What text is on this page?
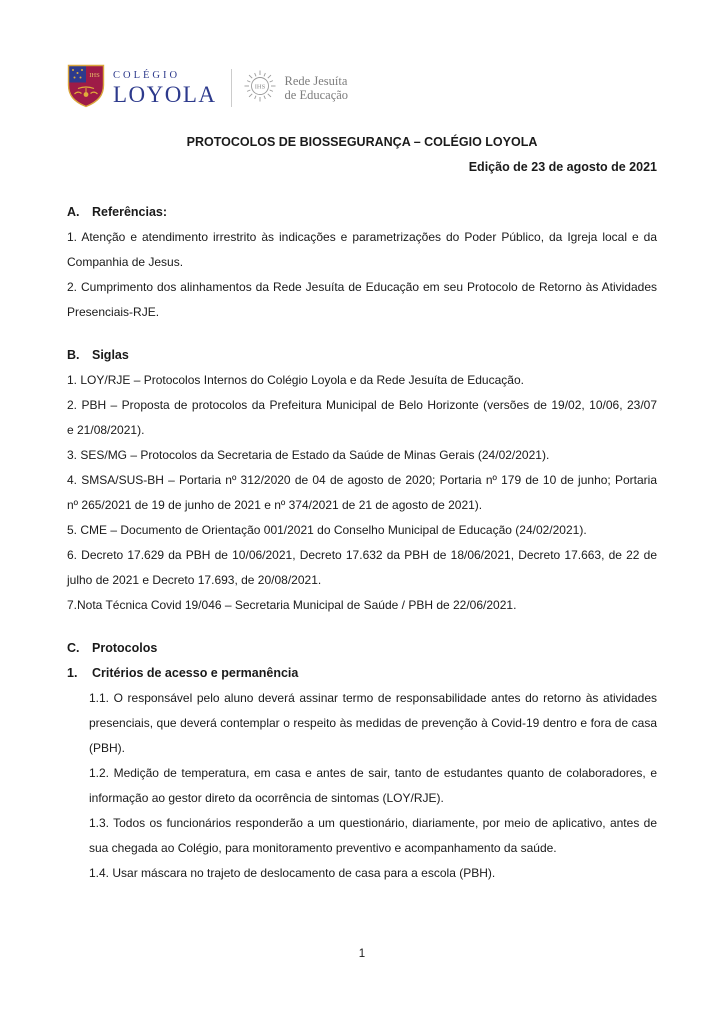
IHS COLÉGIO
LOYOLA	IHS Rede Jesuíta
de Educação
PROTOCOLOS DE BIOSSEGURANÇA – COLÉGIO LOYOLA
Edição de 23 de agosto de 2021
A.	Referências:
1. Atenção e atendimento irrestrito às indicações e parametrizações do Poder Público, da Igreja local e da
Companhia de Jesus.
2. Cumprimento dos alinhamentos da Rede Jesuíta de Educação em seu Protocolo de Retorno às Atividades
Presenciais-RJE.
B.	Siglas
1. LOY/RJE – Protocolos Internos do Colégio Loyola e da Rede Jesuíta de Educação.
2. PBH – Proposta de protocolos da Prefeitura Municipal de Belo Horizonte (versões de 19/02, 10/06, 23/07
e 21/08/2021).
3. SES/MG – Protocolos da Secretaria de Estado da Saúde de Minas Gerais (24/02/2021).
4. SMSA/SUS-BH – Portaria nº 312/2020 de 04 de agosto de 2020; Portaria nº 179 de 10 de junho; Portaria
nº 265/2021 de 19 de junho de 2021 e nº 374/2021 de 21 de agosto de 2021).
5. CME – Documento de Orientação 001/2021 do Conselho Municipal de Educação (24/02/2021).
6. Decreto 17.629 da PBH de 10/06/2021, Decreto 17.632 da PBH de 18/06/2021, Decreto 17.663, de 22 de
julho de 2021 e Decreto 17.693, de 20/08/2021.
7.Nota Técnica Covid 19/046 – Secretaria Municipal de Saúde / PBH de 22/06/2021.
C.	Protocolos
1.	Critérios de acesso e permanência
1.1. O responsável pelo aluno deverá assinar termo de responsabilidade antes do retorno às atividades
presenciais, que deverá contemplar o respeito às medidas de prevenção à Covid-19 dentro e fora de casa
(PBH).
1.2. Medição de temperatura, em casa e antes de sair, tanto de estudantes quanto de colaboradores, e
informação ao gestor direto da ocorrência de sintomas (LOY/RJE).
1.3. Todos os funcionários responderão a um questionário, diariamente, por meio de aplicativo, antes de
sua chegada ao Colégio, para monitoramento preventivo e acompanhamento da saúde.
1.4. Usar máscara no trajeto de deslocamento de casa para a escola (PBH).
1
